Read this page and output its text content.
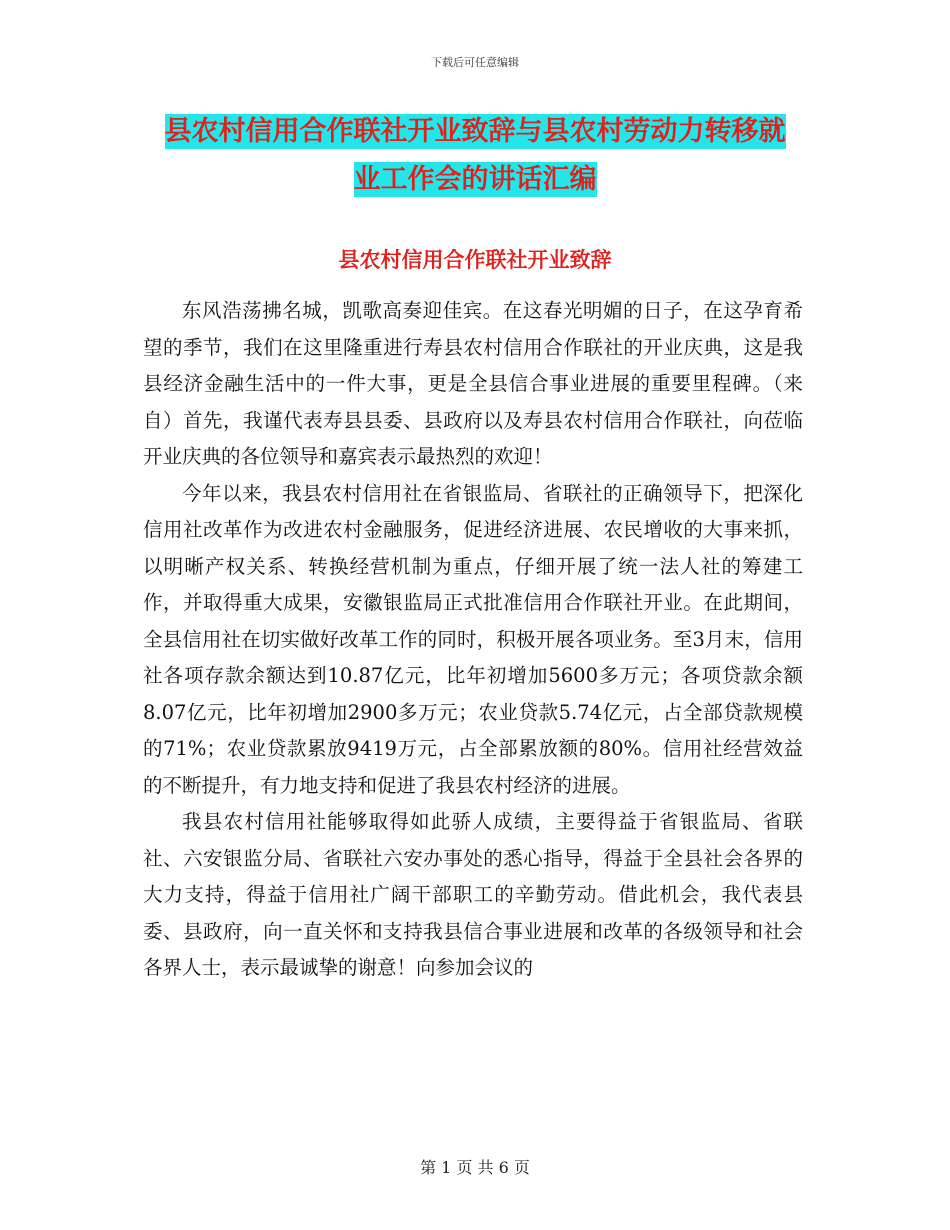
下载后可任意编辑
县农村信用合作联社开业致辞与县农村劳动力转移就
业工作会的讲话汇编
县农村信用合作联社开业致辞

东风浩荡拂名城，凯歌高奏迎佳宾。在这春光明媚的日子，在这孕育希望的季节，我们在这里隆重进行寿县农村信用合作联社的开业庆典，这是我县经济金融生活中的一件大事，更是全县信合事业进展的重要里程碑。（来自）首先，我谨代表寿县县委、县政府以及寿县农村信用合作联社，向莅临开业庆典的各位领导和嘉宾表示最热烈的欢迎！

今年以来，我县农村信用社在省银监局、省联社的正确领导下，把深化信用社改革作为改进农村金融服务，促进经济进展、农民增收的大事来抓，以明晰产权关系、转换经营机制为重点，仔细开展了统一法人社的筹建工作，并取得重大成果，安徽银监局正式批准信用合作联社开业。在此期间，全县信用社在切实做好改革工作的同时，积极开展各项业务。至3月末，信用社各项存款余额达到10.87亿元，比年初增加5600多万元；各项贷款余额8.07亿元，比年初增加2900多万元；农业贷款5.74亿元，占全部贷款规模的71%；农业贷款累放9419万元，占全部累放额的80%。信用社经营效益的不断提升，有力地支持和促进了我县农村经济的进展。

我县农村信用社能够取得如此骄人成绩，主要得益于省银监局、省联社、六安银监分局、省联社六安办事处的悉心指导，得益于全县社会各界的大力支持，得益于信用社广阔干部职工的辛勤劳动。借此机会，我代表县委、县政府，向一直关怀和支持我县信合事业进展和改革的各级领导和社会各界人士，表示最诚挚的谢意！向参加会议的

第 1 页 共 6 页
